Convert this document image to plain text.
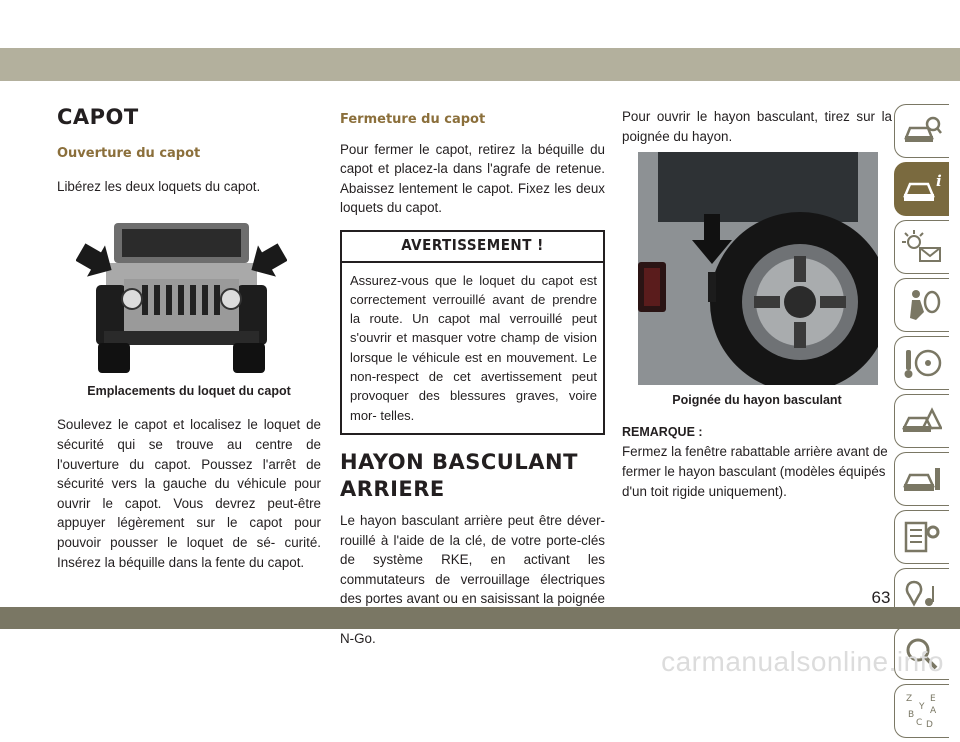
CAPOT
Ouverture du capot

Libérez les deux loquets du capot.

Emplacements du loquet du capot

Soulevez le capot et localisez le loquet de sécurité qui se trouve au centre de l'ouverture du capot. Poussez l'arrêt de sécurité vers la gauche du véhicule pour ouvrir le capot. Vous devrez peut-être appuyer légèrement sur le capot pour pouvoir pousser le loquet de sé- curité. Insérez la béquille dans la fente du capot.

Fermeture du capot

Pour fermer le capot, retirez la béquille du capot et placez-la dans l'agrafe de retenue. Abaissez lentement le capot. Fixez les deux loquets du capot.

AVERTISSEMENT !
Assurez-vous que le loquet du capot est correctement verrouillé avant de prendre la route. Un capot mal verrouillé peut s'ouvrir et masquer votre champ de vision lorsque le véhicule est en mouvement. Le non-respect de cet avertissement peut provoquer des blessures graves, voire mor- telles.
HAYON BASCULANT ARRIERE

Le hayon basculant arrière peut être déver- rouillé à l'aide de la clé, de votre porte-clés de système RKE, en activant les commutateurs de verrouillage électriques des portes avant ou en saisissant la poignée N-Go.

Pour ouvrir le hayon basculant, tirez sur la poignée du hayon.

Poignée du hayon basculant
REMARQUE :

Fermez la fenêtre rabattable arrière avant de fermer le hayon basculant (modèles équipés d'un toit rigide uniquement).

i
Z E
Y A
B
C D
63
carmanualsonline.info
